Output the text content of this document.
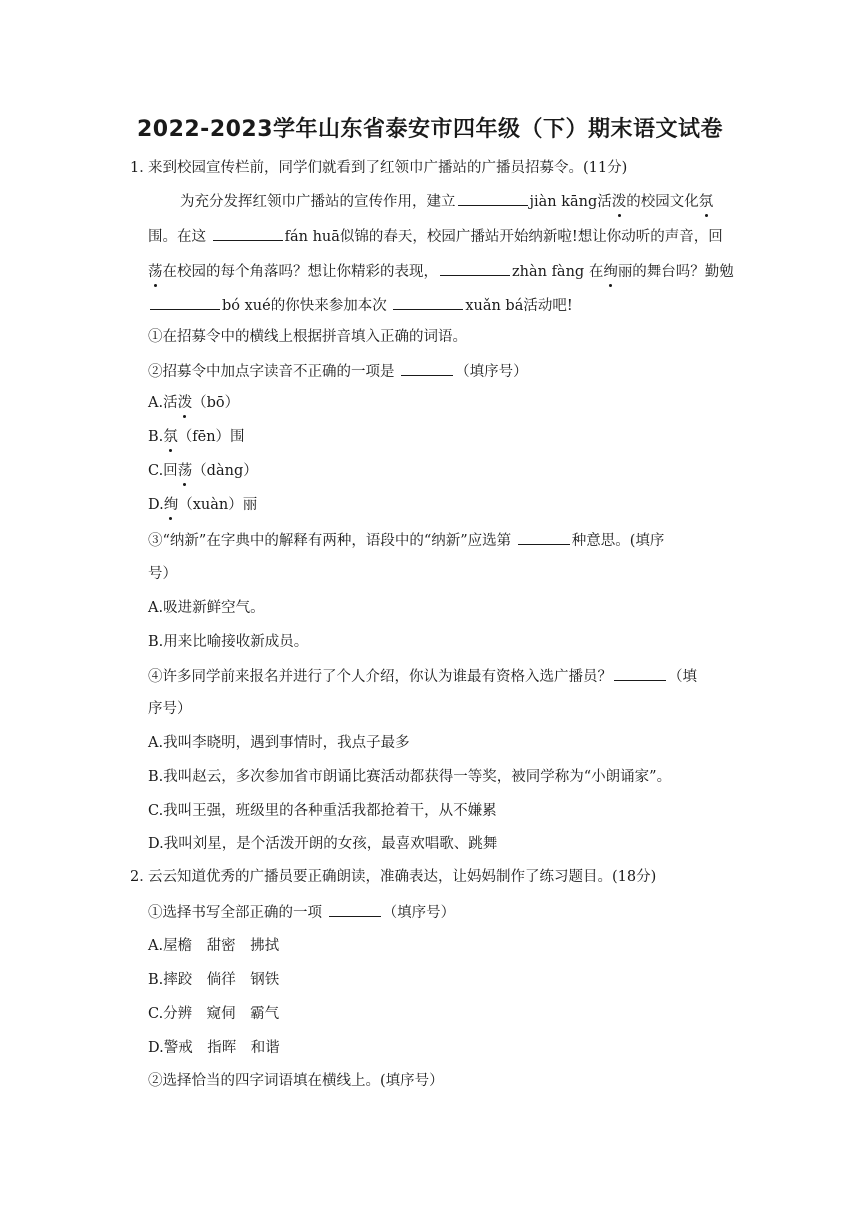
2022-2023学年山东省泰安市四年级（下）期末语文试卷
1．来到校园宣传栏前，同学们就看到了红领巾广播站的广播员招募令。(11分)
为充分发挥红领巾广播站的宣传作用，建立	jiàn kāng活泼的校园文化氛
围。在这	fán huā似锦的春天，校园广播站开始纳新啦!想让你动听的声音，回
荡在校园的每个角落吗？想让你精彩的表现，	zhàn fàng 在绚丽的舞台吗？勤勉
bó xué的你快来参加本次	xuǎn bá活动吧!
①在招募令中的横线上根据拼音填入正确的词语。
②招募令中加点字读音不正确的一项是	（填序号）
A.活泼（bō）
B.氛（fēn）围
C.回荡（dàng）
D.绚（xuàn）丽
③“纳新”在字典中的解释有两种，语段中的“纳新”应选第	种意思。(填序
号）
A.吸进新鲜空气。
B.用来比喻接收新成员。
④许多同学前来报名并进行了个人介绍，你认为谁最有资格入选广播员？	（填
序号）
A.我叫李晓明，遇到事情时，我点子最多
B.我叫赵云，多次参加省市朗诵比赛活动都获得一等奖，被同学称为“小朗诵家”。
C.我叫王强，班级里的各种重活我都抢着干，从不嫌累
D.我叫刘星，是个活泼开朗的女孩，最喜欢唱歌、跳舞
2．云云知道优秀的广播员要正确朗读，准确表达，让妈妈制作了练习题目。(18分)
①选择书写全部正确的一项	（填序号）
A.屋檐　甜密　拂拭
B.摔跤　倘徉　钢铁
C.分辨　窥伺　霸气
D.警戒　指晖　和谐
②选择恰当的四字词语填在横线上。(填序号）
